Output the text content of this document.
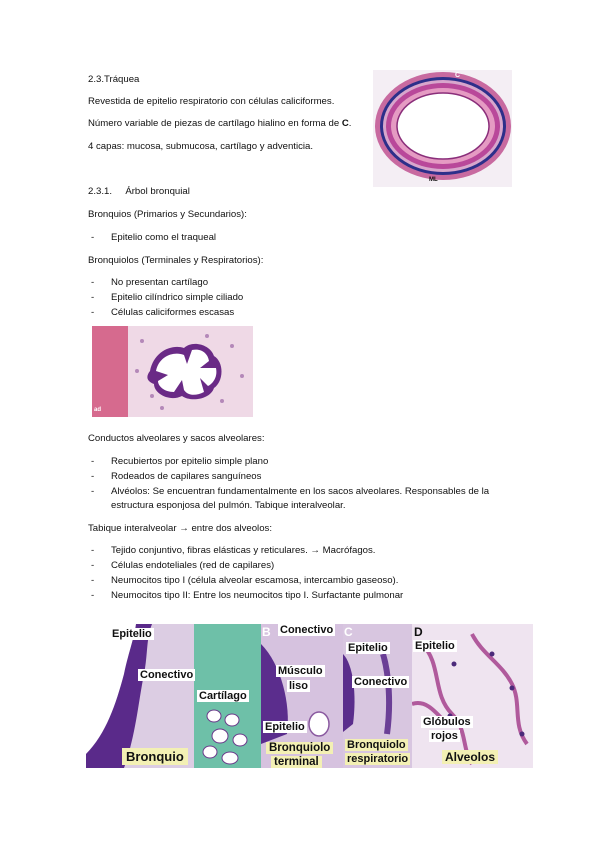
2.3.Tráquea
Revestida de epitelio respiratorio con células caliciformes.
Número variable de piezas de cartílago hialino en forma de C.
4 capas: mucosa, submucosa, cartílago y adventicia.
C
ML
2.3.1.     Árbol bronquial
Bronquios (Primarios y Secundarios):
- Epitelio como el traqueal
Bronquiolos (Terminales y Respiratorios):
- No presentan cartílago
- Epitelio cilíndrico simple ciliado
- Células caliciformes escasas
ad
Conductos alveolares y sacos alveolares:
- Recubiertos por epitelio simple plano
- Rodeados de capilares sanguíneos
- Alvéolos: Se encuentran fundamentalmente en los sacos alveolares. Responsables de la
estructura esponjosa del pulmón. Tabique interalveolar.
Tabique interalveolar → entre dos alveolos:
- Tejido conjuntivo, fibras elásticas y reticulares. → Macrófagos.
- Células endoteliales (red de capilares)
- Neumocitos tipo I (célula alveolar escamosa, intercambio gaseoso).
- Neumocitos tipo II: Entre los neumocitos tipo I. Surfactante pulmonar
A Epitelio
Conectivo
Cartílago
Bronquio
B Conectivo
Músculo
liso
Epitelio
Bronquiolo
terminal
C
Epitelio
Conectivo
Bronquiolo
respiratorio
D
Epitelio
Glóbulos
rojos
Alveolos
